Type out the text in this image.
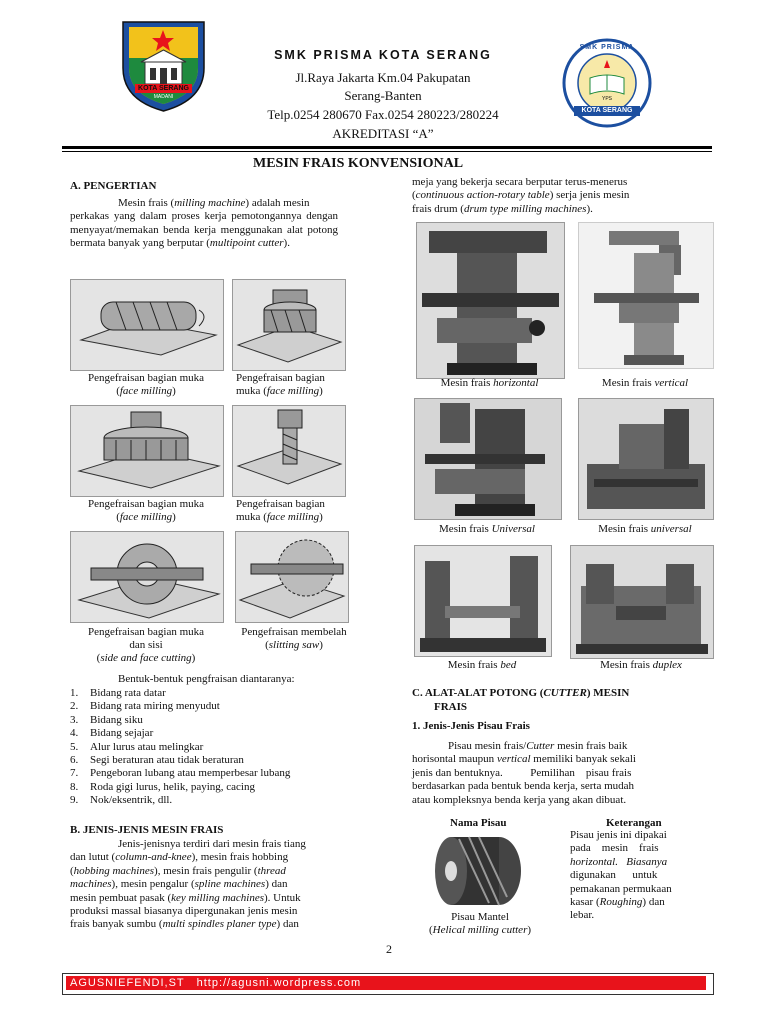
KOTA SERANG
MADANI
SMK PRISMA KOTA SERANG
Jl.Raya Jakarta Km.04 Pakupatan
Serang-Banten
Telp.0254 280670 Fax.0254 280223/280224
AKREDITASI “A”
SMK PRISMA
YPS
KOTA SERANG
MESIN FRAIS KONVENSIONAL
A. PENGERTIAN
Mesin frais (milling machine) adalah mesin
perkakas yang dalam proses kerja pemotongannya dengan menyayat/memakan benda kerja menggunakan alat potong bermata banyak yang berputar (multipoint cutter).
Pengefraisan bagian muka
(face milling)
Pengefraisan bagian
muka (face milling)
Pengefraisan bagian muka
(face milling)
Pengefraisan bagian
muka (face milling)
Pengefraisan bagian muka
dan sisi
(side and face cutting)
Pengefraisan membelah
(slitting saw)
Bentuk-bentuk pengfraisan diantaranya:
1.	Bidang rata datar
2.	Bidang rata miring menyudut
3.	Bidang siku
4.	Bidang sejajar
5.	Alur lurus atau melingkar
6.	Segi beraturan atau tidak beraturan
7.	Pengeboran lubang atau memperbesar lubang
8.	Roda gigi lurus, helik, paying, cacing
9.	Nok/eksentrik, dll.
B. JENIS-JENIS MESIN FRAIS
Jenis-jenisnya terdiri dari mesin frais tiang
dan lutut (column-and-knee), mesin frais hobbing
(hobbing machines), mesin frais pengulir (thread
machines), mesin pengalur (spline machines) dan
mesin pembuat pasak (key milling machines). Untuk
produksi massal biasanya dipergunakan jenis mesin
frais banyak sumbu (multi spindles planer type) dan
meja yang bekerja secara berputar terus-menerus
(continuous action-rotary table) serja jenis mesin
frais drum (drum type milling machines).
Mesin frais horizontal	Mesin frais vertical
Mesin frais Universal	Mesin frais universal
Mesin frais bed	Mesin frais duplex
C. ALAT-ALAT POTONG (CUTTER) MESIN
FRAIS
1. Jenis-Jenis Pisau Frais
Pisau mesin frais/Cutter mesin frais baik
horisontal maupun vertical memiliki banyak sekali
jenis dan bentuknya.          Pemilihan    pisau frais
berdasarkan pada bentuk benda kerja, serta mudah
atau kompleksnya benda kerja yang akan dibuat.
Nama Pisau	Keterangan
Pisau Mantel
(Helical milling cutter)
Pisau jenis ini dipakai
pada    mesin    frais
horizontal.   Biasanya
digunakan      untuk
pemakanan permukaan
kasar (Roughing) dan
lebar.
2
AGUSNIEFENDI,ST   http://agusni.wordpress.com
